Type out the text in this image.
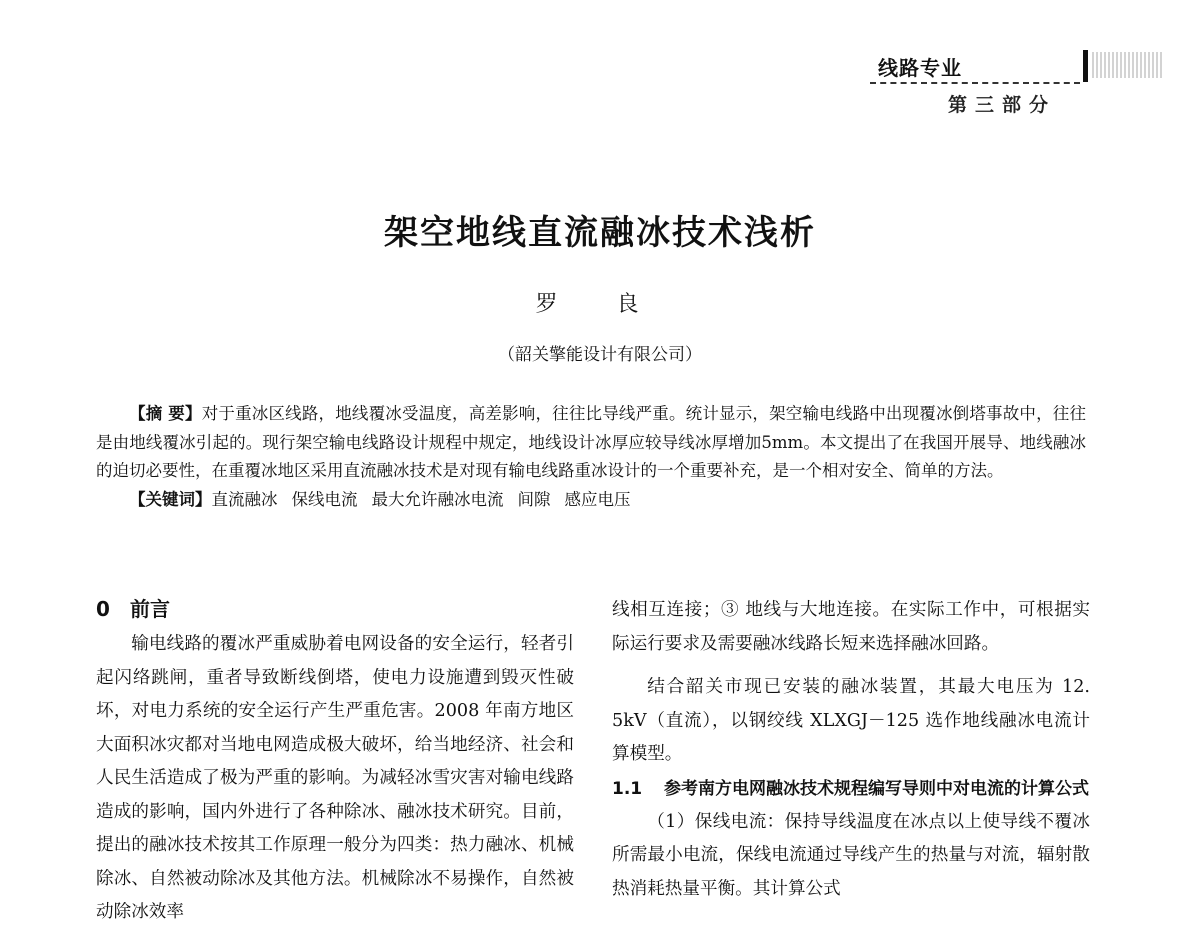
线路专业
第三部分
架空地线直流融冰技术浅析
罗 良
（韶关擎能设计有限公司）

【摘 要】对于重冰区线路，地线覆冰受温度，高差影响，往往比导线严重。统计显示，架空输电线路中出现覆冰倒塔事故中，往往是由地线覆冰引起的。现行架空输电线路设计规程中规定，地线设计冰厚应较导线冰厚增加5mm。本文提出了在我国开展导、地线融冰的迫切必要性，在重覆冰地区采用直流融冰技术是对现有输电线路重冰设计的一个重要补充，是一个相对安全、简单的方法。

【关键词】直流融冰 保线电流 最大允许融冰电流 间隙 感应电压

0 前言

输电线路的覆冰严重威胁着电网设备的安全运行，轻者引起闪络跳闸，重者导致断线倒塔，使电力设施遭到毁灭性破坏，对电力系统的安全运行产生严重危害。2008 年南方地区大面积冰灾都对当地电网造成极大破坏，给当地经济、社会和人民生活造成了极为严重的影响。为减轻冰雪灾害对输电线路造成的影响，国内外进行了各种除冰、融冰技术研究。目前，提出的融冰技术按其工作原理一般分为四类：热力融冰、机械除冰、自然被动除冰及其他方法。机械除冰不易操作，自然被动除冰效率

线相互连接；③ 地线与大地连接。在实际工作中，可根据实际运行要求及需要融冰线路长短来选择融冰回路。

结合韶关市现已安装的融冰装置，其最大电压为 12. 5kV（直流），以钢绞线 XLXGJ－125 选作地线融冰电流计算模型。

1.1 参考南方电网融冰技术规程编写导则中对电流的计算公式

（1）保线电流：保持导线温度在冰点以上使导线不覆冰所需最小电流，保线电流通过导线产生的热量与对流，辐射散热消耗热量平衡。其计算公式
